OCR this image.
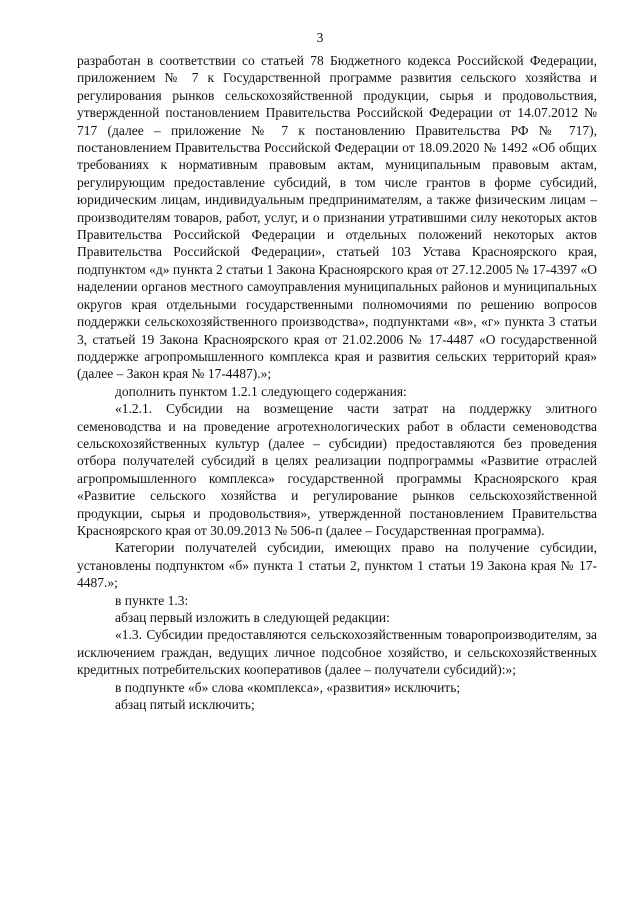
3

разработан в соответствии со статьей 78 Бюджетного кодекса Российской Федерации, приложением № 7 к Государственной программе развития сельского хозяйства и регулирования рынков сельскохозяйственной продукции, сырья и продовольствия, утвержденной постановлением Правительства Российской Федерации от 14.07.2012 № 717 (далее – приложение № 7 к постановлению Правительства РФ № 717), постановлением Правительства Российской Федерации от 18.09.2020 № 1492 «Об общих требованиях к нормативным правовым актам, муниципальным правовым актам, регулирующим предоставление субсидий, в том числе грантов в форме субсидий, юридическим лицам, индивидуальным предпринимателям, а также физическим лицам – производителям товаров, работ, услуг, и о признании утратившими силу некоторых актов Правительства Российской Федерации и отдельных положений некоторых актов Правительства Российской Федерации», статьей 103 Устава Красноярского края, подпунктом «д» пункта 2 статьи 1 Закона Красноярского края от 27.12.2005 № 17-4397 «О наделении органов местного самоуправления муниципальных районов и муниципальных округов края отдельными государственными полномочиями по решению вопросов поддержки сельскохозяйственного производства», подпунктами «в», «г» пункта 3 статьи 3, статьей 19 Закона Красноярского края от 21.02.2006 № 17-4487 «О государственной поддержке агропромышленного комплекса края и развития сельских территорий края» (далее – Закон края № 17-4487).»;

дополнить пунктом 1.2.1 следующего содержания:

«1.2.1. Субсидии на возмещение части затрат на поддержку элитного семеноводства и на проведение агротехнологических работ в области семеноводства сельскохозяйственных культур (далее – субсидии) предоставляются без проведения отбора получателей субсидий в целях реализации подпрограммы «Развитие отраслей агропромышленного комплекса» государственной программы Красноярского края «Развитие сельского хозяйства и регулирование рынков сельскохозяйственной продукции, сырья и продовольствия», утвержденной постановлением Правительства Красноярского края от 30.09.2013 № 506-п (далее – Государственная программа).

Категории получателей субсидии, имеющих право на получение субсидии, установлены подпунктом «б» пункта 1 статьи 2, пунктом 1 статьи 19 Закона края № 17-4487.»;

в пункте 1.3:

абзац первый изложить в следующей редакции:

«1.3. Субсидии предоставляются сельскохозяйственным товаропроизводителям, за исключением граждан, ведущих личное подсобное хозяйство, и сельскохозяйственных кредитных потребительских кооперативов (далее – получатели субсидий):»;

в подпункте «б» слова «комплекса», «развития» исключить;

абзац пятый исключить;
